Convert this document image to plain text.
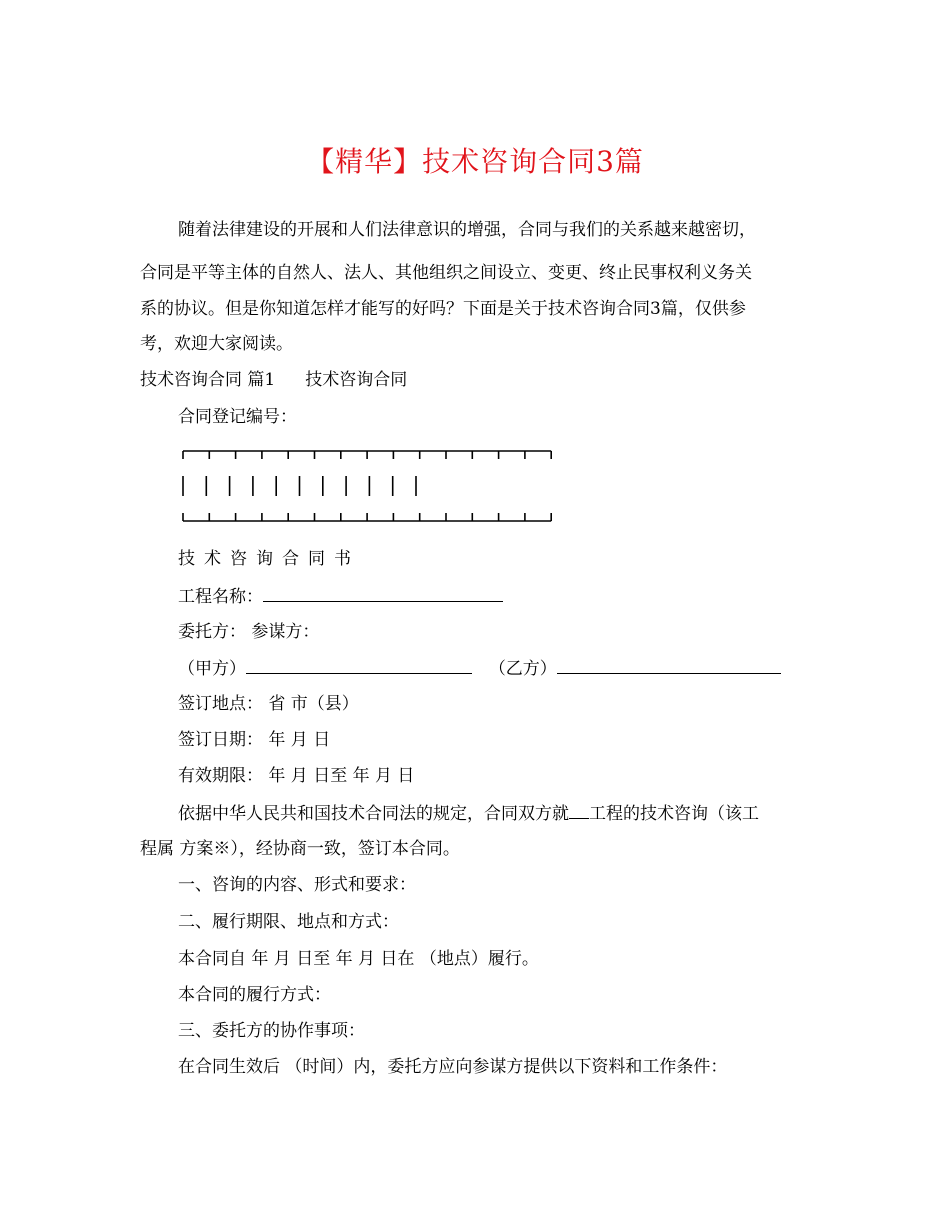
【精华】技术咨询合同3篇
随着法律建设的开展和人们法律意识的增强，合同与我们的关系越来越密切，
合同是平等主体的自然人、法人、其他组织之间设立、变更、终止民事权利义务关
系的协议。但是你知道怎样才能写的好吗？下面是关于技术咨询合同3篇，仅供参
考，欢迎大家阅读。
技术咨询合同 篇1 技术咨询合同
合同登记编号：
技 术 咨 询 合 同 书
工程名称：
委托方： 参谋方：
（甲方）	（乙方）
签订地点： 省 市（县）
签订日期： 年 月 日
有效期限： 年 月 日至 年 月 日
依据中华人民共和国技术合同法的规定，合同双方就 工程的技术咨询（该工
程属 方案※），经协商一致，签订本合同。
一、咨询的内容、形式和要求：
二、履行期限、地点和方式：
本合同自 年 月 日至 年 月 日在 （地点）履行。
本合同的履行方式：
三、委托方的协作事项：
在合同生效后 （时间）内，委托方应向参谋方提供以下资料和工作条件：
